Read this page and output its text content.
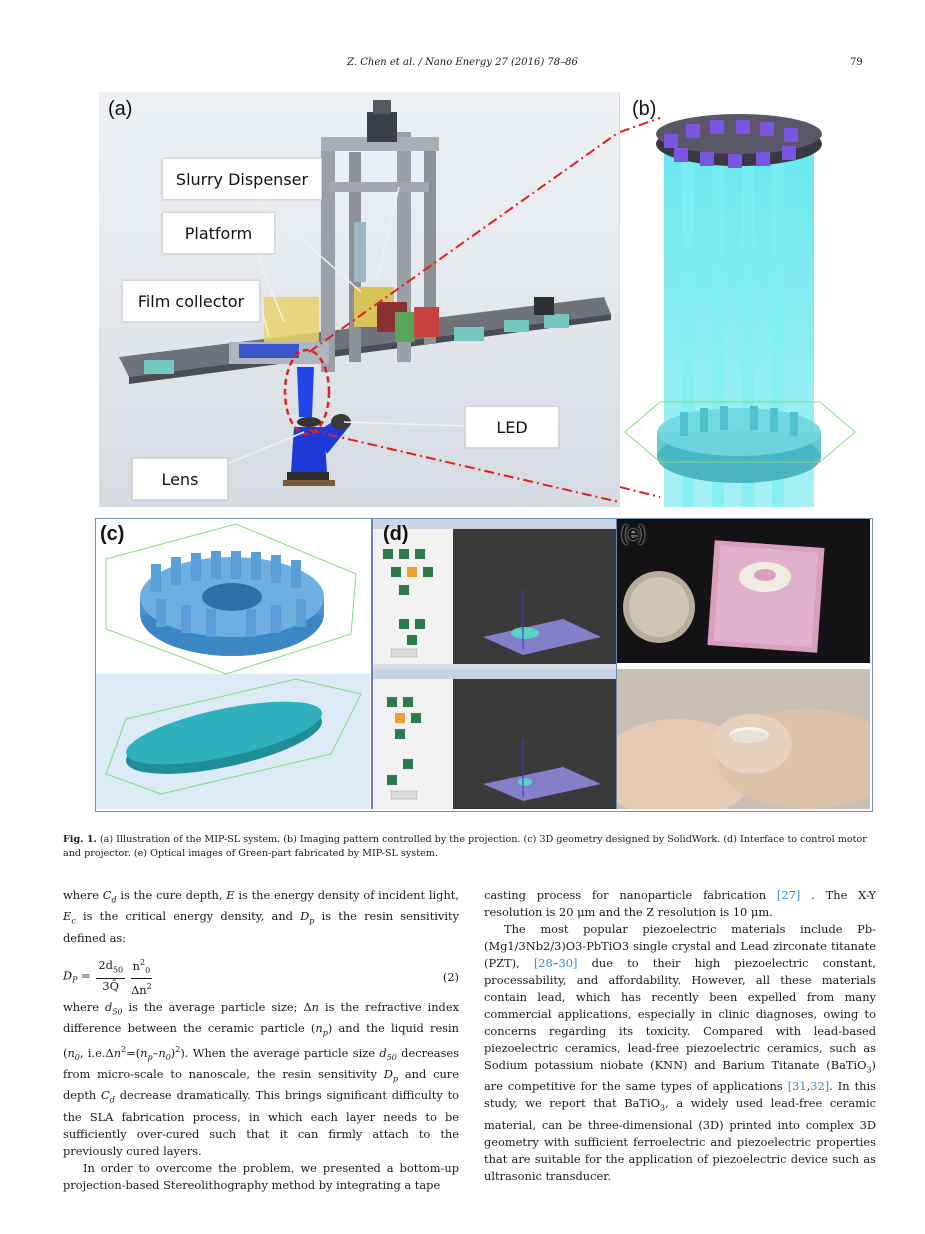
Z. Chen et al. / Nano Energy 27 (2016) 78–86	79
(a)
Slurry Dispenser
Platform
Film collector
LED
Lens
(b)
(c)	(d)	(e)
Fig. 1. (a) Illustration of the MIP-SL system. (b) Imaging pattern controlled by the projection. (c) 3D geometry designed by SolidWork. (d) Interface to control motor and projector. (e) Optical images of Green-part fabricated by MIP-SL system.

where $C_d$ is the cure depth, E is the energy density of incident light, $E_c$ is the critical energy density, and $D_p$ is the resin sensitivity defined as:

$D_P = \frac{2d_{50}}{3Q̄} \frac{n^2_0}{\Delta n^2}$	(2)

where $d_{50}$ is the average particle size; Δn is the refractive index difference between the ceramic particle $(n_p)$ and the liquid resin ($n_0$, $i.e.\Delta n^2=(n_p-n_0)^2$). When the average particle size $d_{50}$ decreases from micro-scale to nanoscale, the resin sensitivity $D_p$ and cure depth $C_d$ decrease dramatically. This brings significant difficulty to the SLA fabrication process, in which each layer needs to be sufficiently over-cured such that it can firmly attach to the previously cured layers.

In order to overcome the problem, we presented a bottom-up projection-based Stereolithography method by integrating a tape

casting process for nanoparticle fabrication [27] . The X-Y resolution is 20 μm and the Z resolution is 10 μm.

The most popular piezoelectric materials include Pb-(Mg1/3Nb2/3)O3-PbTiO3 single crystal and Lead zirconate titanate (PZT), [28–30] due to their high piezoelectric constant, processability, and affordability. However, all these materials contain lead, which has recently been expelled from many commercial applications, especially in clinic diagnoses, owing to concerns regarding its toxicity. Compared with lead-based piezoelectric ceramics, lead-free piezoelectric ceramics, such as Sodium potassium niobate (KNN) and Barium Titanate (BaTiO$_3$) are competitive for the same types of applications [31,32]. In this study, we report that BaTiO$_3$, a widely used lead-free ceramic material, can be three-dimensional (3D) printed into complex 3D geometry with sufficient ferroelectric and piezoelectric properties that are suitable for the application of piezoelectric device such as ultrasonic transducer.
